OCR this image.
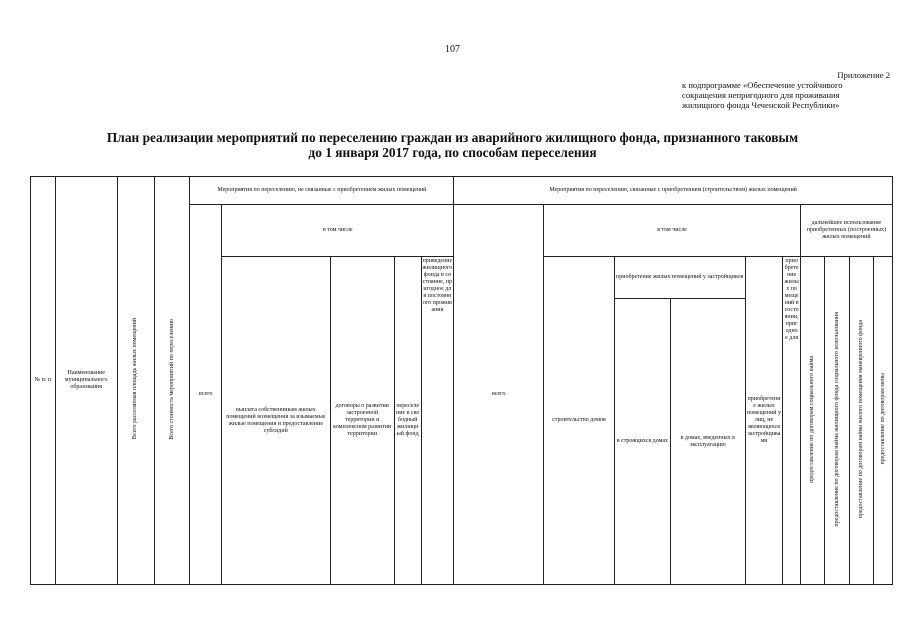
107
Приложение 2
к подпрограмме «Обеспечение устойчивого
сокращения непригодного для проживания
жилищного фонда Чеченской Республики»
План реализации мероприятий по переселению граждан из аварийного жилищного фонда, признанного таковым
до 1 января 2017 года, по способам переселения
№ п/ п	Наименование муниципального образования	Всего расселяемая площадь жилых помещений	Всего стоимость мероприятий по переселению	Мероприятия по переселению, не связанные с приобретением жилых помещений					Мероприятия по переселению, связанные с приобретением (строительством) жилых помещений									
				всего	в том числе				всего	в том числе					дальнейшее использование приобретенных (построенных) жилых помещений			
					выплата собственникам жилых помещений возмещения за изымаемые жилые помещения и предоставление субсидий	договоры о развитии застроенной территории и комплексном развитии территории	переселение в свободный жилищный фонд	приведение жилищного фонда в состояние, пригодное для постоянного проживания		строительство домов	приобретение жилых помещений у застройщиков		приобретение жилых помещений у лиц, не являющихся застройщиками	приобретение жилых помещений в состоянии, пригодное для	предоставление по договорам социального найма	предоставление по договорам найма жилищного фонда социального использования	предоставление по договорам найма жилого помещения маневренного фонда	предоставление по договорам мены
											в строящихся домах	в домах, введенных в эксплуатацию						
